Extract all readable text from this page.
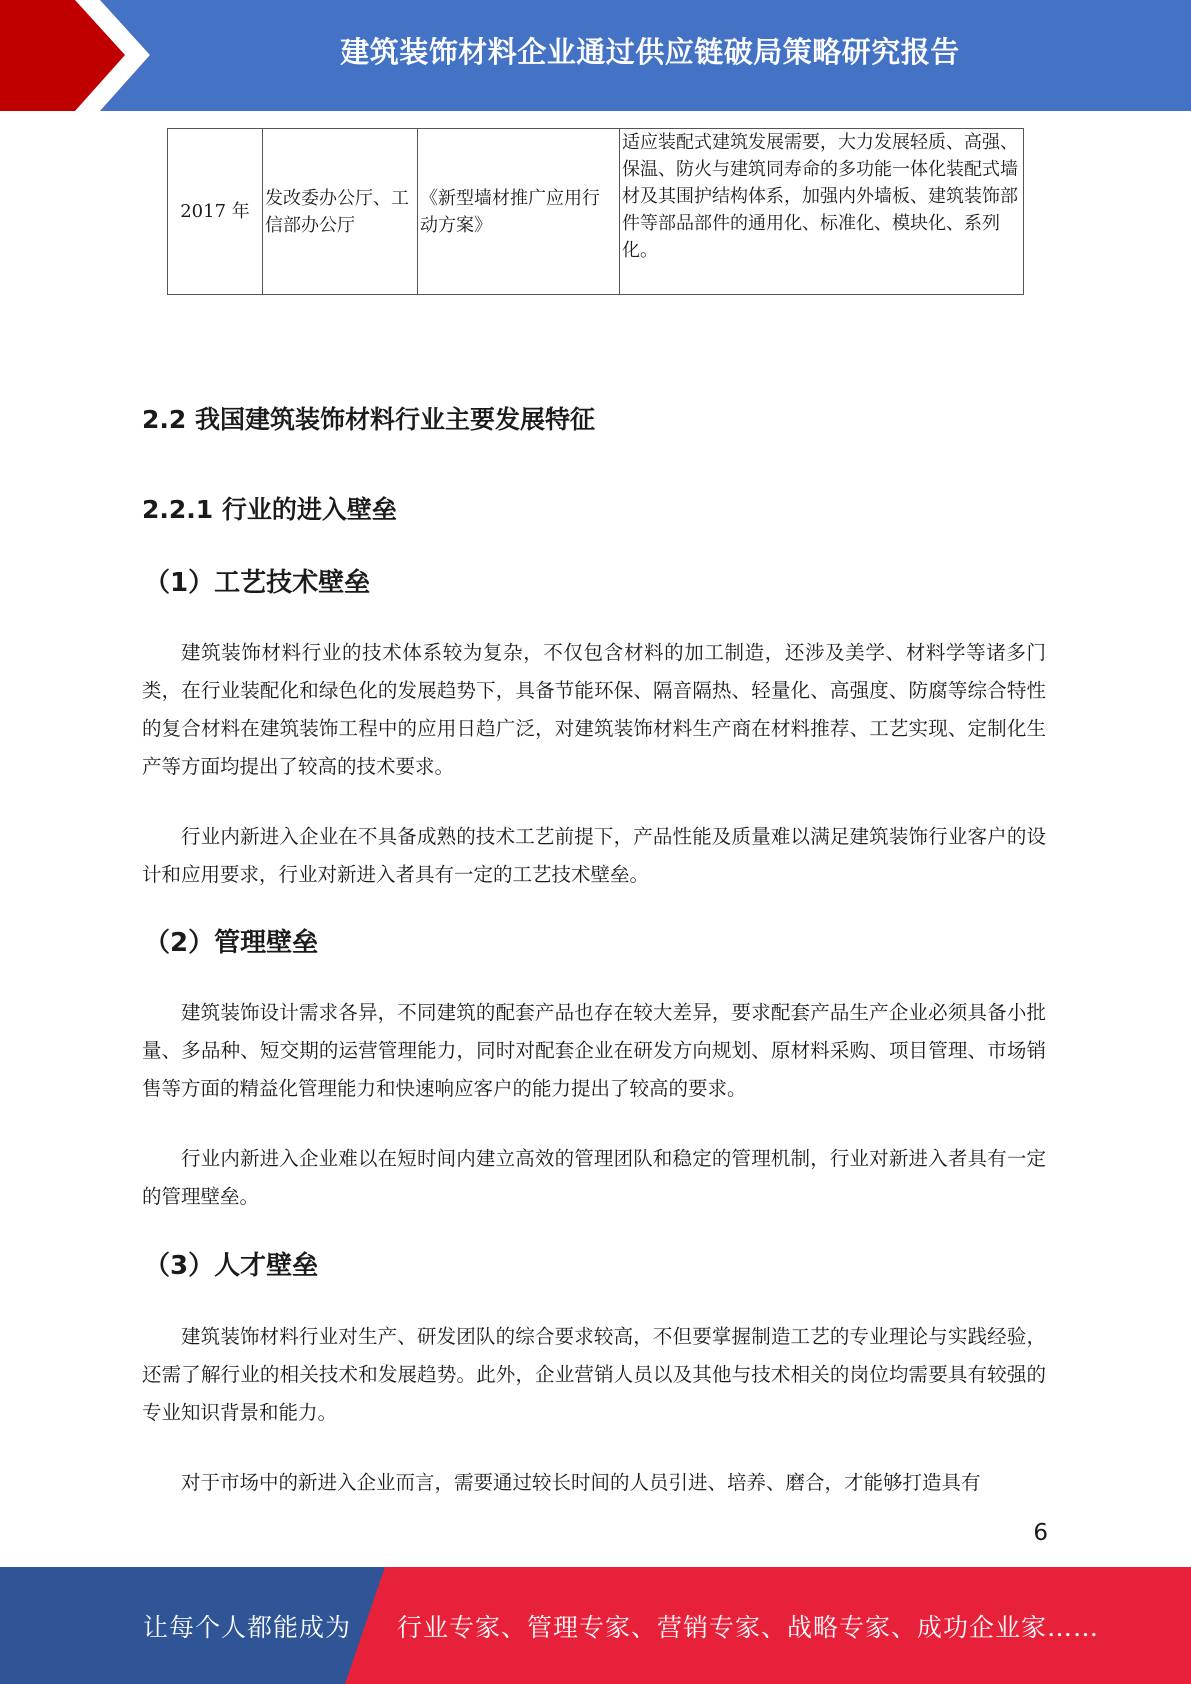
建筑装饰材料企业通过供应链破局策略研究报告
2017 年	发改委办公厅、工信部办公厅	《新型墙材推广应用行动方案》	适应装配式建筑发展需要，大力发展轻质、高强、保温、防火与建筑同寿命的多功能一体化装配式墙材及其围护结构体系，加强内外墙板、建筑装饰部件等部品部件的通用化、标准化、模块化、系列化。
2.2 我国建筑装饰材料行业主要发展特征
2.2.1 行业的进入壁垒
（1）工艺技术壁垒

建筑装饰材料行业的技术体系较为复杂，不仅包含材料的加工制造，还涉及美学、材料学等诸多门类，在行业装配化和绿色化的发展趋势下，具备节能环保、隔音隔热、轻量化、高强度、防腐等综合特性的复合材料在建筑装饰工程中的应用日趋广泛，对建筑装饰材料生产商在材料推荐、工艺实现、定制化生产等方面均提出了较高的技术要求。

行业内新进入企业在不具备成熟的技术工艺前提下，产品性能及质量难以满足建筑装饰行业客户的设计和应用要求，行业对新进入者具有一定的工艺技术壁垒。

（2）管理壁垒

建筑装饰设计需求各异，不同建筑的配套产品也存在较大差异，要求配套产品生产企业必须具备小批量、多品种、短交期的运营管理能力，同时对配套企业在研发方向规划、原材料采购、项目管理、市场销售等方面的精益化管理能力和快速响应客户的能力提出了较高的要求。

行业内新进入企业难以在短时间内建立高效的管理团队和稳定的管理机制，行业对新进入者具有一定的管理壁垒。

（3）人才壁垒

建筑装饰材料行业对生产、研发团队的综合要求较高，不但要掌握制造工艺的专业理论与实践经验，还需了解行业的相关技术和发展趋势。此外，企业营销人员以及其他与技术相关的岗位均需要具有较强的专业知识背景和能力。

对于市场中的新进入企业而言，需要通过较长时间的人员引进、培养、磨合，才能够打造具有

6
让每个人都能成为 行业专家、管理专家、营销专家、战略专家、成功企业家……
